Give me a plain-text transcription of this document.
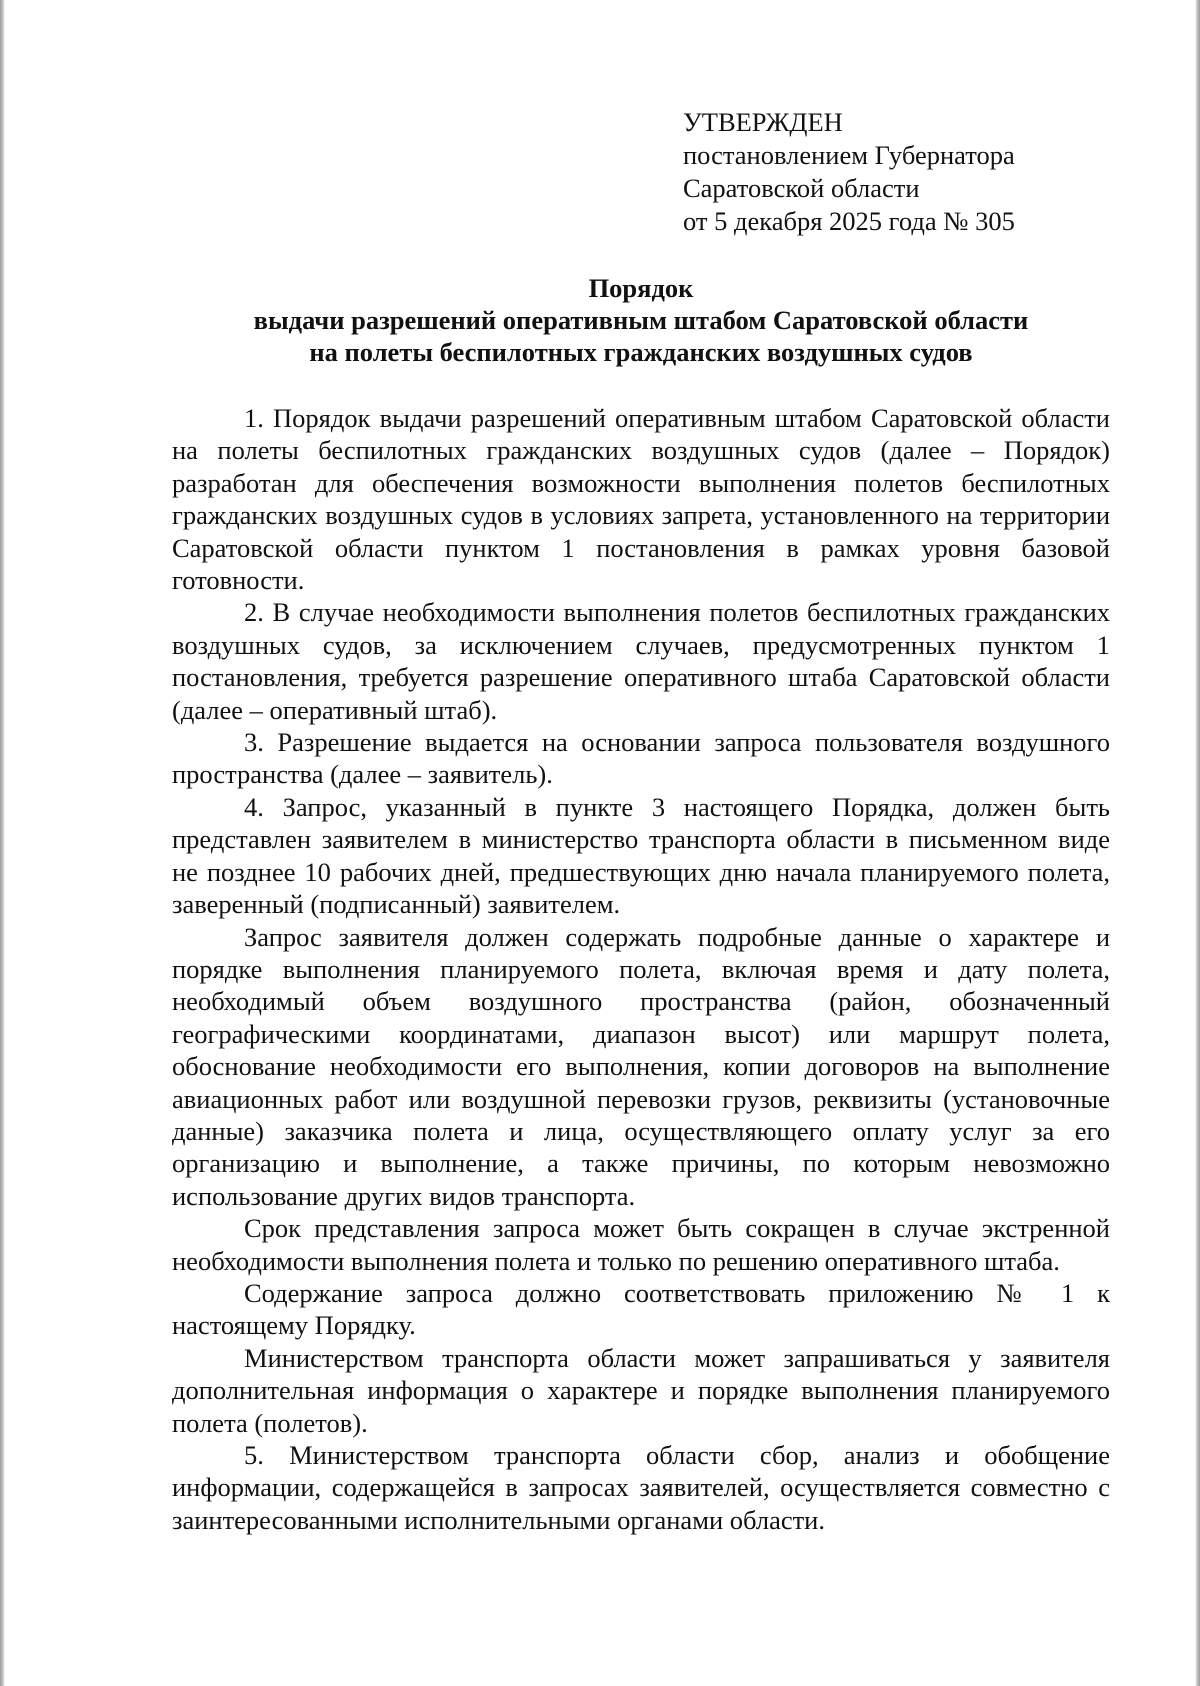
УТВЕРЖДЕН
постановлением Губернатора
Саратовской области
от 5 декабря 2025 года № 305
Порядок
выдачи разрешений оперативным штабом Саратовской области
на полеты беспилотных гражданских воздушных судов

1. Порядок выдачи разрешений оперативным штабом Саратовской области на полеты беспилотных гражданских воздушных судов (далее – Порядок) разработан для обеспечения возможности выполнения полетов беспилотных гражданских воздушных судов в условиях запрета, установленного на территории Саратовской области пунктом 1 постановления в рамках уровня базовой готовности.

2. В случае необходимости выполнения полетов беспилотных гражданских воздушных судов, за исключением случаев, предусмотренных пунктом 1 постановления, требуется разрешение оперативного штаба Саратовской области (далее – оперативный штаб).

3. Разрешение выдается на основании запроса пользователя воздушного пространства (далее – заявитель).

4. Запрос, указанный в пункте 3 настоящего Порядка, должен быть представлен заявителем в министерство транспорта области в письменном виде не позднее 10 рабочих дней, предшествующих дню начала планируемого полета, заверенный (подписанный) заявителем.

Запрос заявителя должен содержать подробные данные о характере и порядке выполнения планируемого полета, включая время и дату полета, необходимый объем воздушного пространства (район, обозначенный географическими координатами, диапазон высот) или маршрут полета, обоснование необходимости его выполнения, копии договоров на выполнение авиационных работ или воздушной перевозки грузов, реквизиты (установочные данные) заказчика полета и лица, осуществляющего оплату услуг за его организацию и выполнение, а также причины, по которым невозможно использование других видов транспорта.

Срок представления запроса может быть сокращен в случае экстренной необходимости выполнения полета и только по решению оперативного штаба.

Содержание запроса должно соответствовать приложению № 1 к настоящему Порядку.

Министерством транспорта области может запрашиваться у заявителя дополнительная информация о характере и порядке выполнения планируемого полета (полетов).

5. Министерством транспорта области сбор, анализ и обобщение информации, содержащейся в запросах заявителей, осуществляется совместно с заинтересованными исполнительными органами области.
